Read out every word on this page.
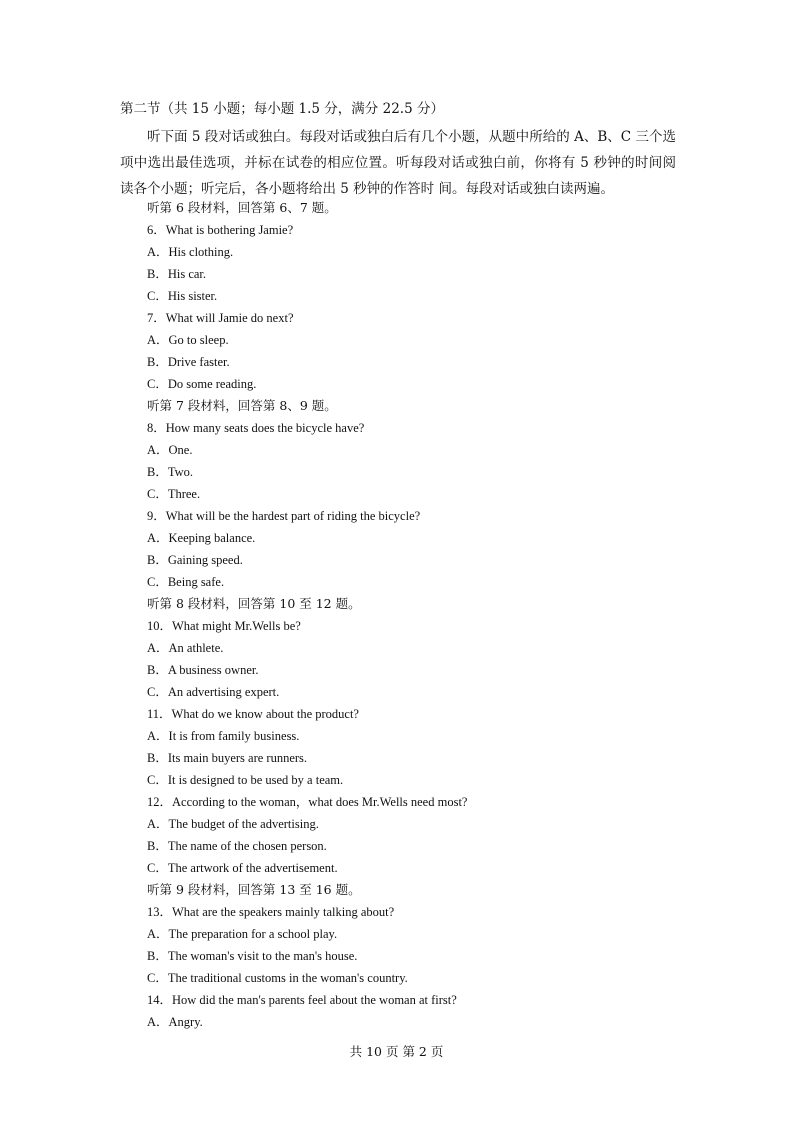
第二节（共 15 小题；每小题 1.5 分，满分 22.5 分）
听下面 5 段对话或独白。每段对话或独白后有几个小题，从题中所给的 A、B、C 三个选项中选出最佳选项，并标在试卷的相应位置。听每段对话或独白前，你将有 5 秒钟的时间阅读各个小题；听完后，各小题将给出 5 秒钟的作答时 间。每段对话或独白读两遍。
听第 6 段材料，回答第 6、7 题。
6．What is bothering Jamie?
A．His clothing.
B．His car.
C．His sister.
7．What will Jamie do next?
A．Go to sleep.
B．Drive faster.
C．Do some reading.
听第 7 段材料，回答第 8、9 题。
8．How many seats does the bicycle have?
A．One.
B．Two.
C．Three.
9．What will be the hardest part of riding the bicycle?
A．Keeping balance.
B．Gaining speed.
C．Being safe.
听第 8 段材料，回答第 10 至 12 题。
10．What might Mr.Wells be?
A．An athlete.
B．A business owner.
C．An advertising expert.
11．What do we know about the product?
A．It is from family business.
B．Its main buyers are runners.
C．It is designed to be used by a team.
12．According to the woman，what does Mr.Wells need most?
A．The budget of the advertising.
B．The name of the chosen person.
C．The artwork of the advertisement.
听第 9 段材料，回答第 13 至 16 题。
13．What are the speakers mainly talking about?
A．The preparation for a school play.
B．The woman's visit to the man's house.
C．The traditional customs in the woman's country.
14．How did the man's parents feel about the woman at first?
A．Angry.
共 10 页 第 2 页
